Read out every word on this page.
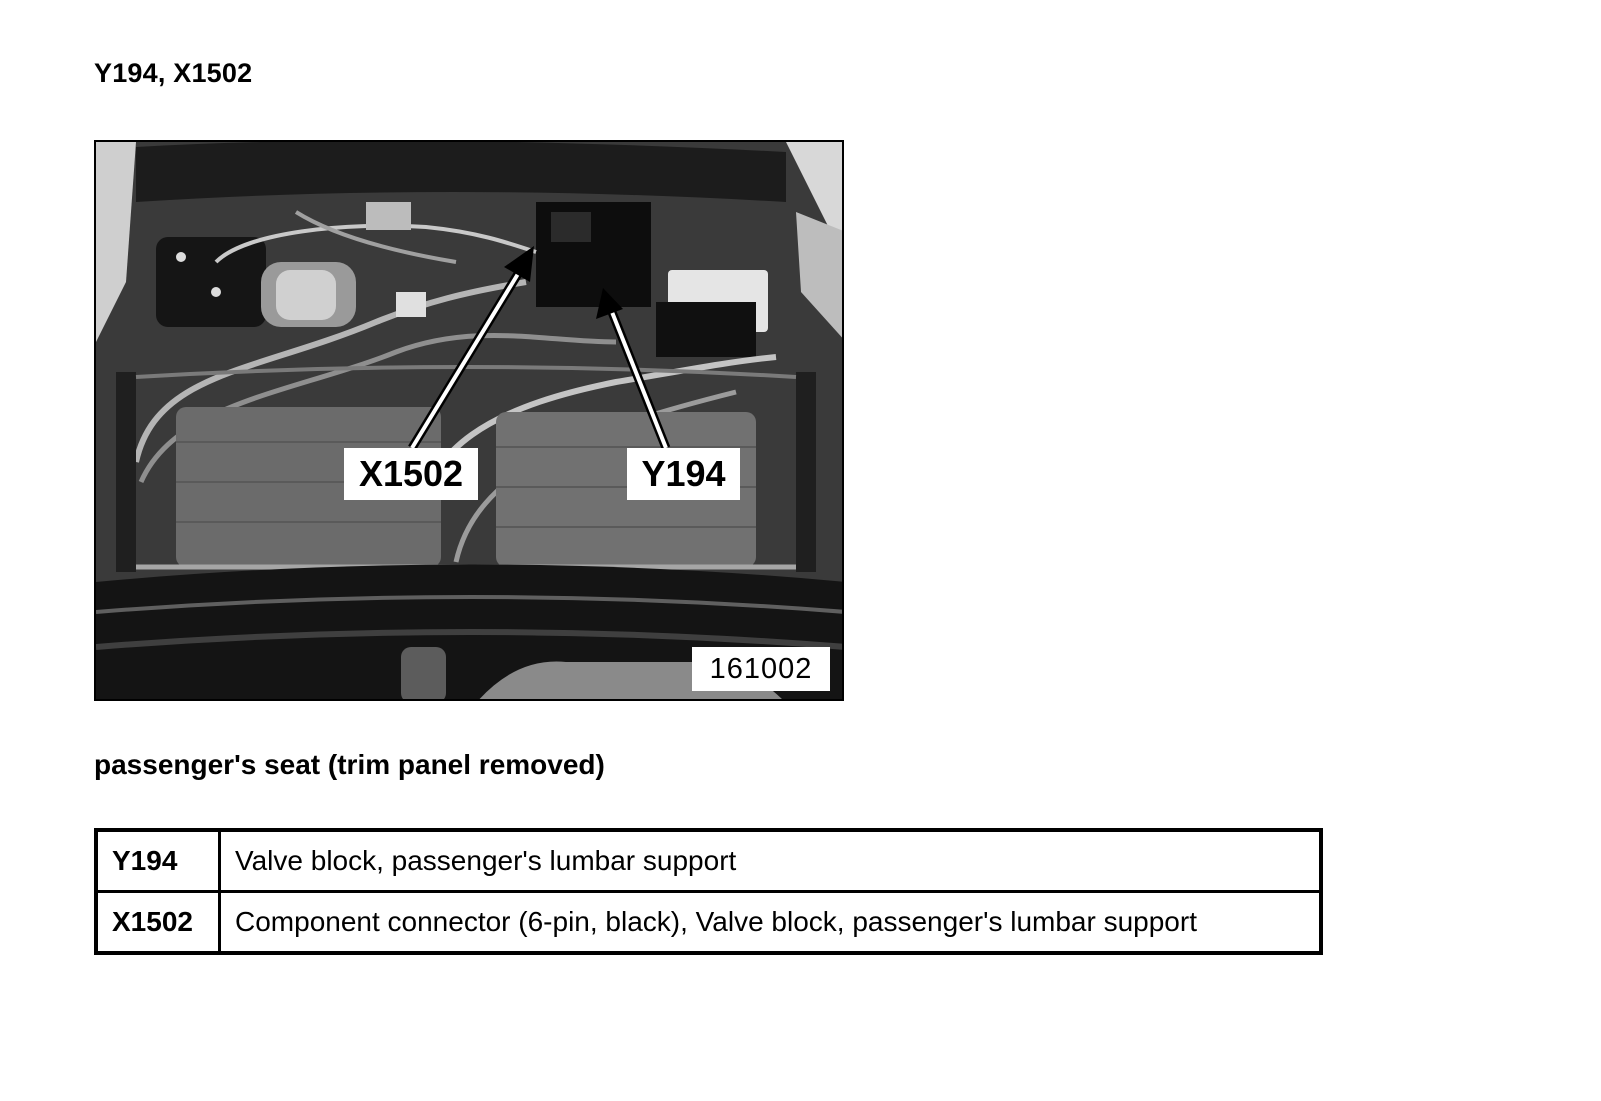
Y194, X1502
X1502	Y194
161002
passenger's seat (trim panel removed)
Y194	Valve block, passenger's lumbar support
X1502	Component connector (6-pin, black), Valve block, passenger's lumbar support
